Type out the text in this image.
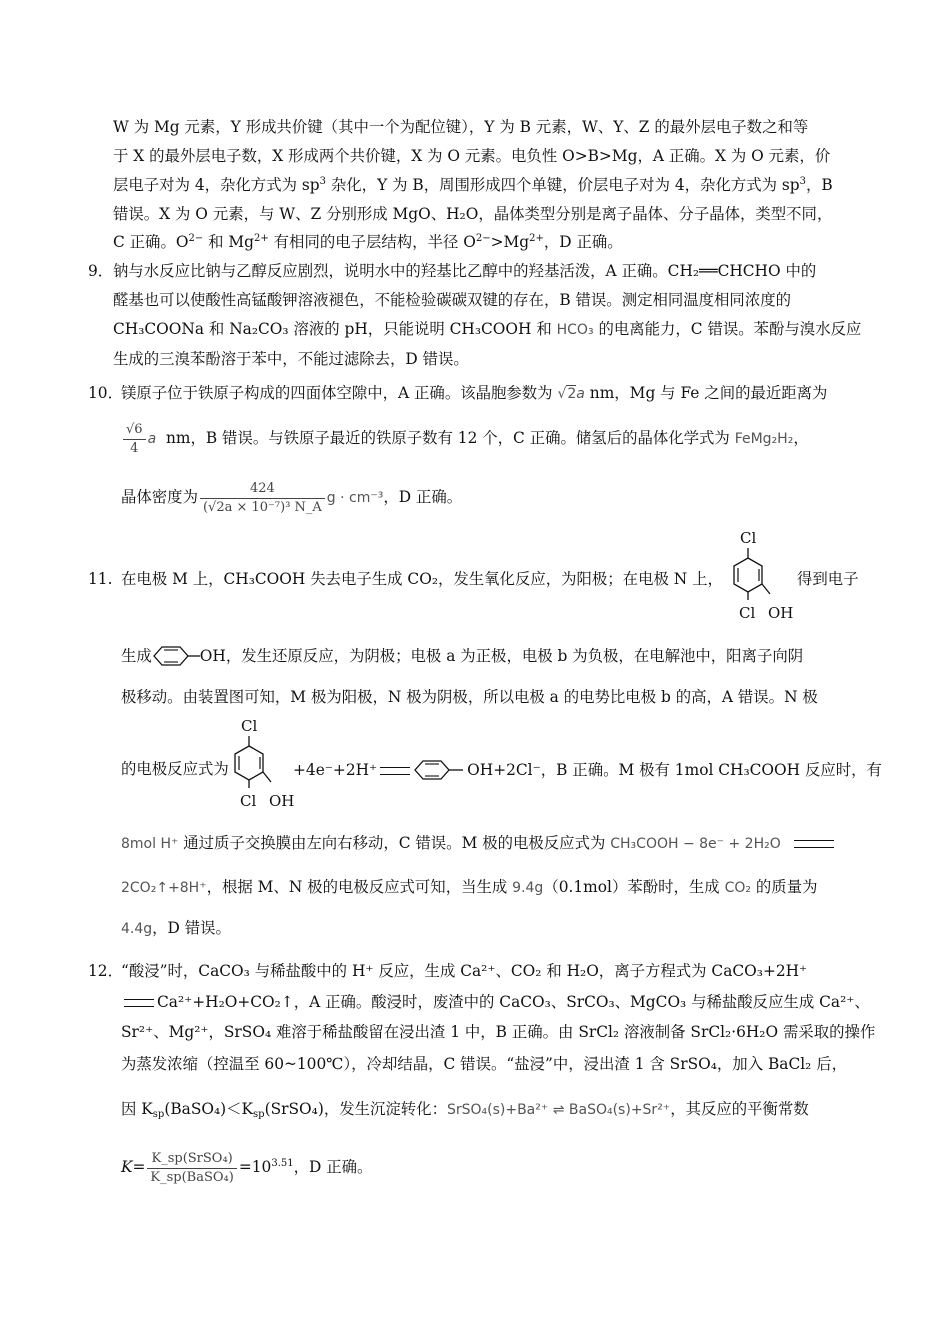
W 为 Mg 元素，Y 形成共价键（其中一个为配位键），Y 为 B 元素，W、Y、Z 的最外层电子数之和等
于 X 的最外层电子数，X 形成两个共价键，X 为 O 元素。电负性 O>B>Mg，A 正确。X 为 O 元素，价
层电子对为 4，杂化方式为 $sp^3$ 杂化，Y 为 B，周围形成四个单键，价层电子对为 4，杂化方式为 $sp^3$，B
错误。X 为 O 元素，与 W、Z 分别形成 MgO、H₂O，晶体类型分别是离子晶体、分子晶体，类型不同，
C 正确。$O^{2-}$ 和 $Mg^{2+}$ 有相同的电子层结构，半径 $O^{2-}>Mg^{2+}$，D 正确。
9． 钠与水反应比钠与乙醇反应剧烈，说明水中的羟基比乙醇中的羟基活泼，A 正确。CH₂══CHCHO 中的
醛基也可以使酸性高锰酸钾溶液褪色，不能检验碳碳双键的存在，B 错误。测定相同温度相同浓度的
CH₃COONa 和 Na₂CO₃ 溶液的 pH，只能说明 CH₃COOH 和 HCO₃ 的电离能力，C 错误。苯酚与溴水反应
生成的三溴苯酚溶于苯中，不能过滤除去，D 错误。
10．
镁原子位于铁原子构成的四面体空隙中，A 正确。该晶胞参数为 √2a nm，Mg 与 Fe 之间的最近距离为
$\frac{√6}{4}$ a nm，B 错误。与铁原子最近的铁原子数有 12 个，C 正确。储氢后的晶体化学式为 FeMg₂H₂，
晶体密度为 $\frac{424}{\text{(√2a × 10⁻⁷)³ N\_A}}$ g · cm⁻³，D 正确。
11. 在电极 M 上，CH₃COOH 失去电子生成 CO₂，发生氧化反应，为阳极；在电极 N 上，
Cl
Cl OH
得到电子
生成	OH，发生还原反应，为阴极；电极 a 为正极，电极 b 为负极，在电解池中，阳离子向阴
极移动。由装置图可知，M 极为阳极，N 极为阴极，所以电极 a 的电势比电极 b 的高，A 错误。N 极
的电极反应式为
Cl
Cl OH
+4e⁻+2H⁺	OH+2Cl⁻，B 正确。M 极有 1mol CH₃COOH 反应时，有
8mol H⁺ 通过质子交换膜由左向右移动，C 错误。M 极的电极反应式为 CH₃COOH − 8e⁻ + 2H₂O
2CO₂↑+8H⁺，根据 M、N 极的电极反应式可知，当生成 9.4g（0.1mol）苯酚时，生成 CO₂ 的质量为
4.4g，D 错误。
12．
“酸浸”时，CaCO₃ 与稀盐酸中的 H⁺ 反应，生成 Ca²⁺、CO₂ 和 H₂O，离子方程式为 CaCO₃+2H⁺
Ca²⁺+H₂O+CO₂↑，A 正确。酸浸时，废渣中的 CaCO₃、SrCO₃、MgCO₃ 与稀盐酸反应生成 Ca²⁺、
Sr²⁺、Mg²⁺，SrSO₄ 难溶于稀盐酸留在浸出渣 1 中，B 正确。由 SrCl₂ 溶液制备 SrCl₂·6H₂O 需采取的操作
为蒸发浓缩（控温至 60~100℃），冷却结晶，C 错误。“盐浸”中，浸出渣 1 含 SrSO₄，加入 BaCl₂ 后，
因 $K_{sp}(BaSO_4)<K_{sp}(SrSO_4)$，发生沉淀转化：SrSO₄(s)+Ba²⁺ ⇌ BaSO₄(s)+Sr²⁺，其反应的平衡常数
$K= \frac{\text{K\_sp(SrSO₄)}}{\text{K\_sp(BaSO₄)}} =10^{3.51}$，D 正确。
